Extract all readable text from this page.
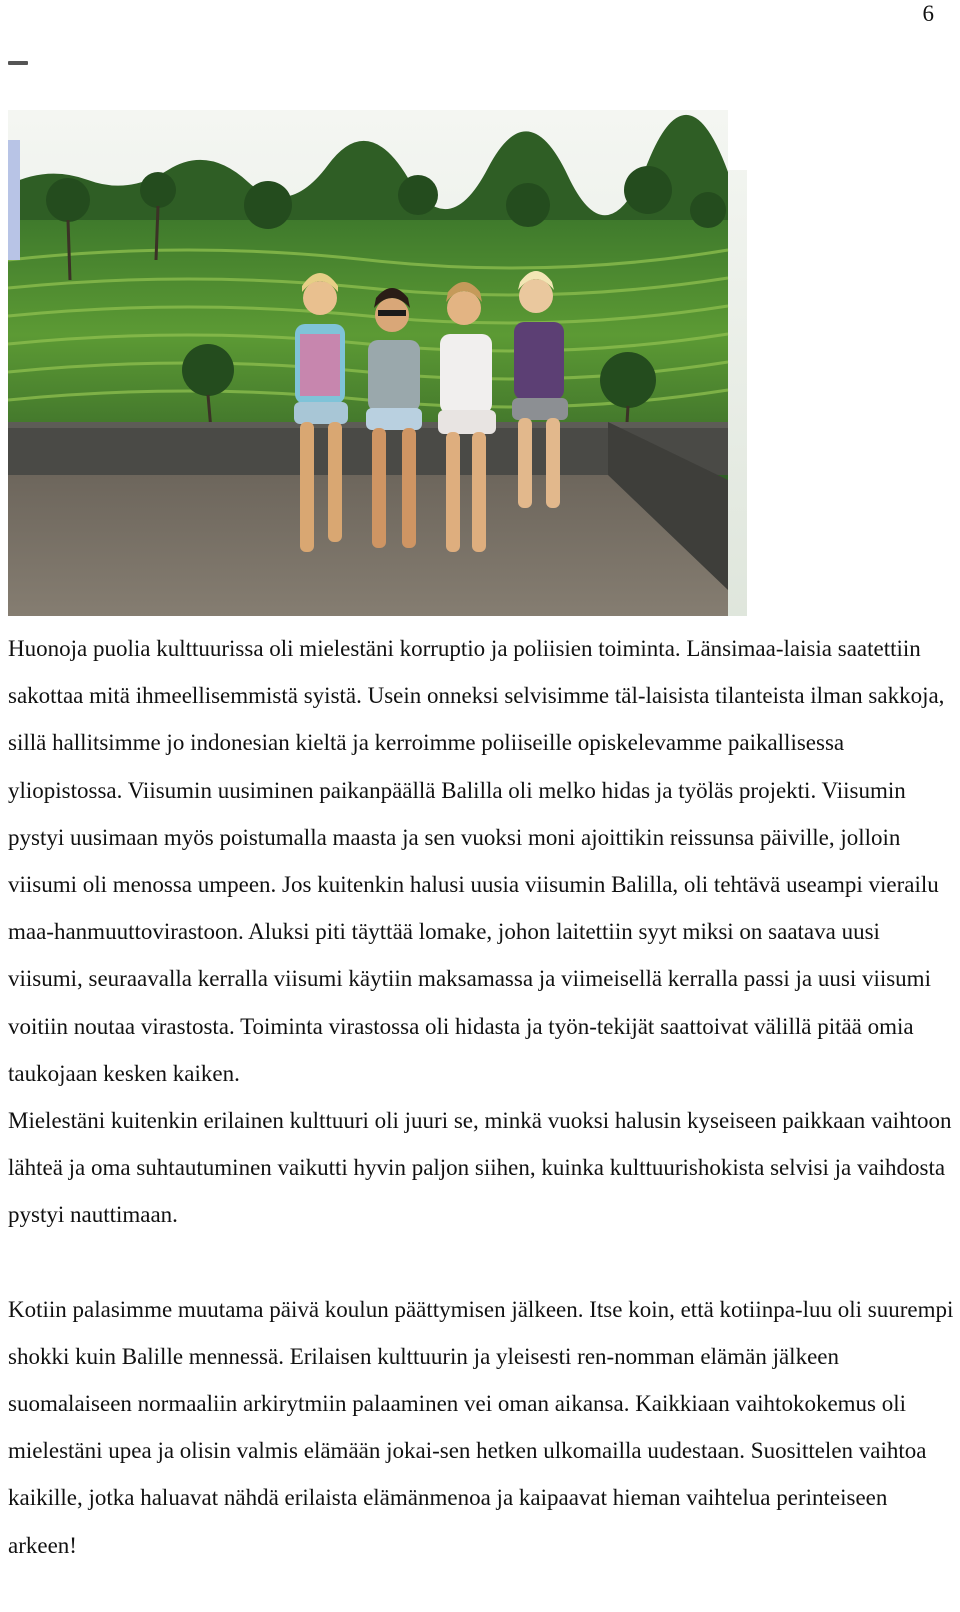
6

Huonoja puolia kulttuurissa oli mielestäni korruptio ja poliisien toiminta. Länsimaa-laisia saatettiin sakottaa mitä ihmeellisemmistä syistä. Usein onneksi selvisimme täl-laisista tilanteista ilman sakkoja, sillä hallitsimme jo indonesian kieltä ja kerroimme poliiseille opiskelevamme paikallisessa yliopistossa. Viisumin uusiminen paikanpäällä Balilla oli melko hidas ja työläs projekti. Viisumin pystyi uusimaan myös poistumalla maasta ja sen vuoksi moni ajoittikin reissunsa päiville, jolloin viisumi oli menossa umpeen. Jos kuitenkin halusi uusia viisumin Balilla, oli tehtävä useampi vierailu maa-hanmuuttovirastoon. Aluksi piti täyttää lomake, johon laitettiin syyt miksi on saatava uusi viisumi, seuraavalla kerralla viisumi käytiin maksamassa ja viimeisellä kerralla passi ja uusi viisumi voitiin noutaa virastosta. Toiminta virastossa oli hidasta ja työn-tekijät saattoivat välillä pitää omia taukojaan kesken kaiken.

Mielestäni kuitenkin erilainen kulttuuri oli juuri se, minkä vuoksi halusin kyseiseen paikkaan vaihtoon lähteä ja oma suhtautuminen vaikutti hyvin paljon siihen, kuinka kulttuurishokista selvisi ja vaihdosta pystyi nauttimaan.

Kotiin palasimme muutama päivä koulun päättymisen jälkeen. Itse koin, että kotiinpa-luu oli suurempi shokki kuin Balille mennessä. Erilaisen kulttuurin ja yleisesti ren-nomman elämän jälkeen suomalaiseen normaaliin arkirytmiin palaaminen vei oman aikansa. Kaikkiaan vaihtokokemus oli mielestäni upea ja olisin valmis elämään jokai-sen hetken ulkomailla uudestaan. Suosittelen vaihtoa kaikille, jotka haluavat nähdä erilaista elämänmenoa ja kaipaavat hieman vaihtelua perinteiseen arkeen!
